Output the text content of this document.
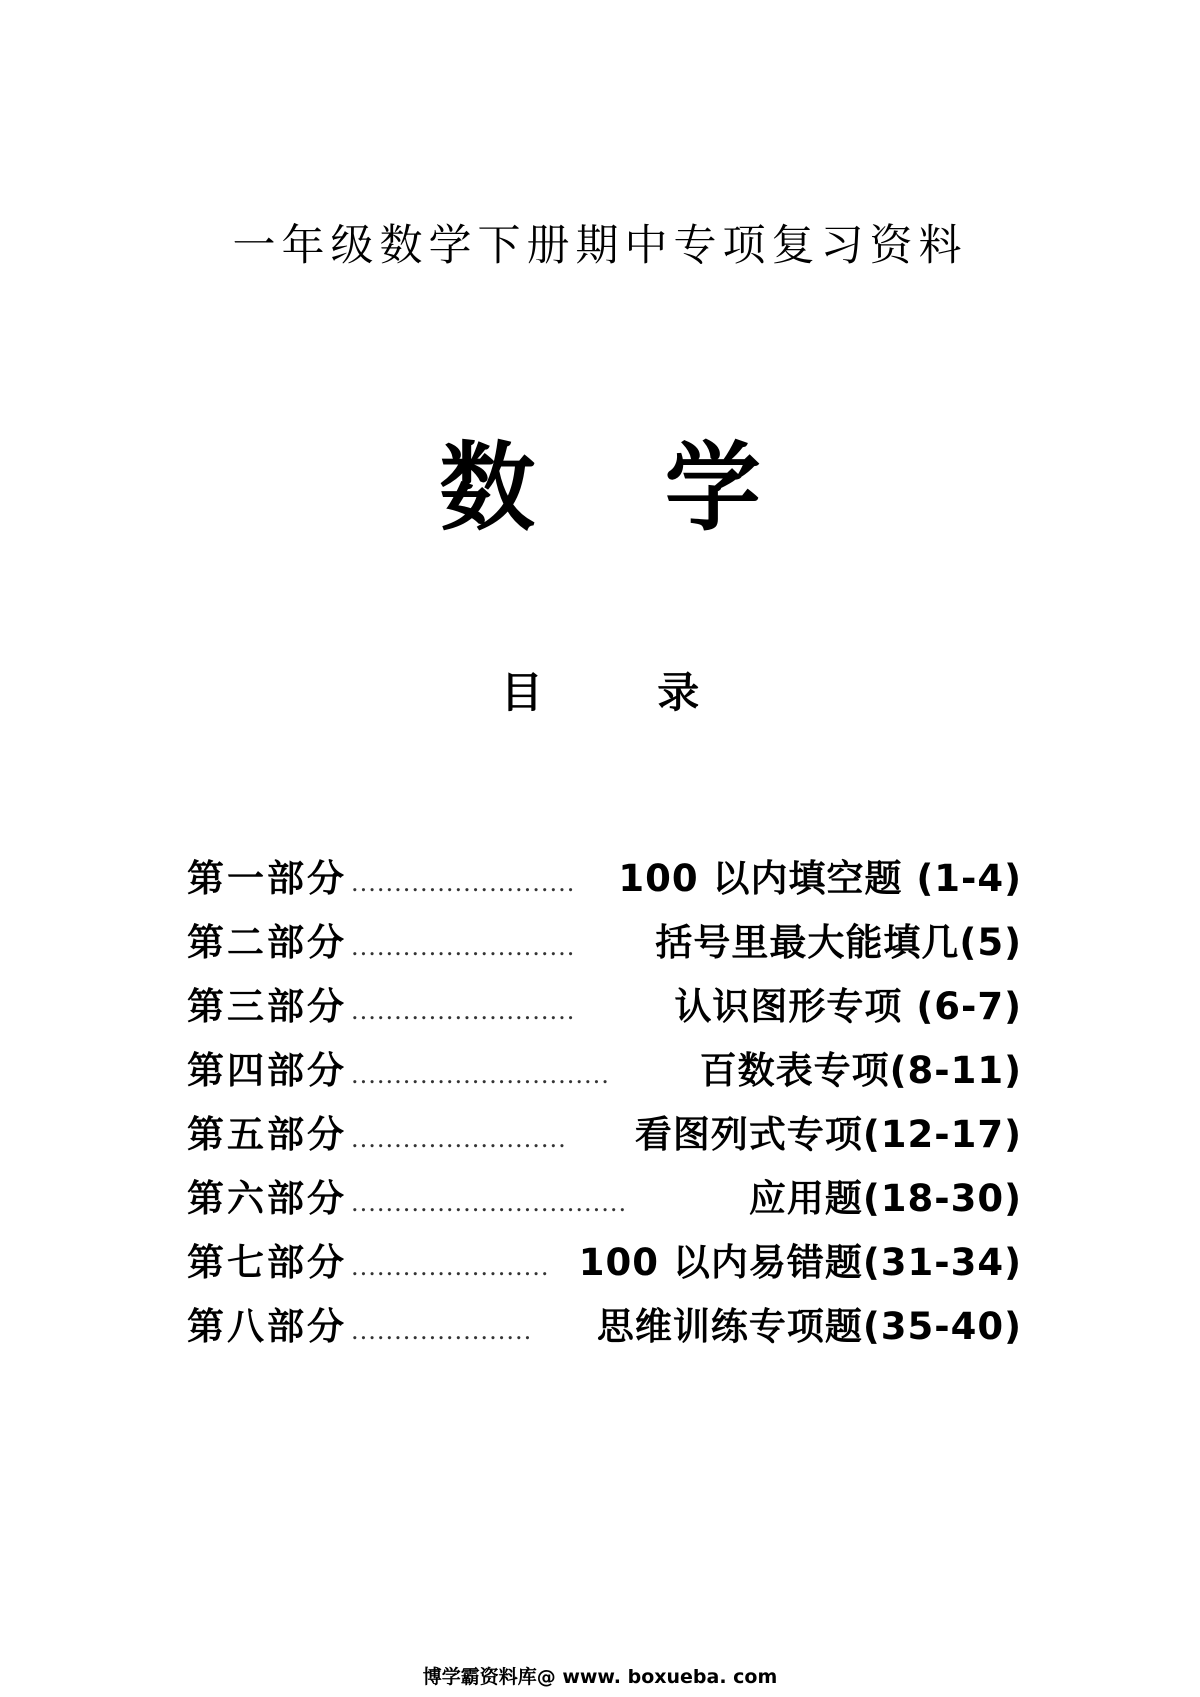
一年级数学下册期中专项复习资料
数 学
目 录
第一部分 ..........................	100 以内填空题 (1-4)
第二部分 ..........................	括号里最大能填几(5)
第三部分 ..........................	认识图形专项 (6-7)
第四部分 ..............................	百数表专项(8-11)
第五部分 .........................	看图列式专项(12-17)
第六部分 ................................	应用题(18-30)
第七部分 ....................... 100 以内易错题(31-34)
第八部分 .....................	思维训练专项题(35-40)
博学霸资料库@ www. boxueba. com
